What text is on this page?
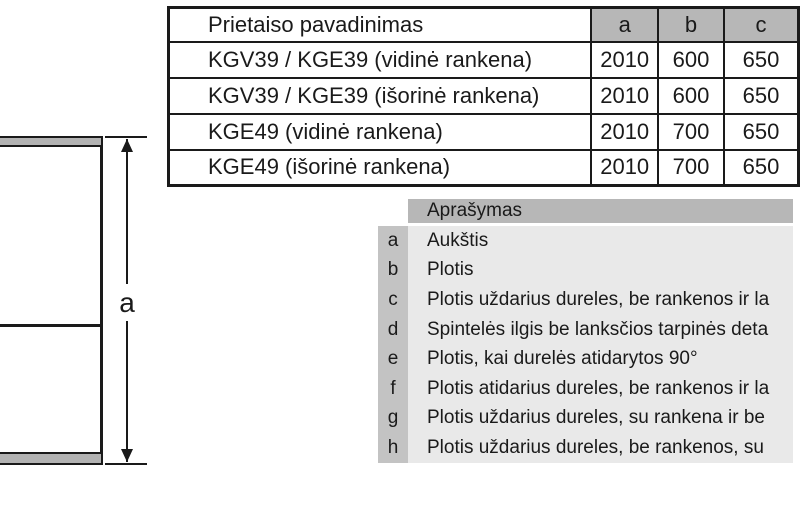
a
Prietaiso pavadinimas	a	b	c
KGV39 / KGE39 (vidinė rankena)	2010	600	650
KGV39 / KGE39 (išorinė rankena)	2010	600	650
KGE49 (vidinė rankena)	2010	700	650
KGE49 (išorinė rankena)	2010	700	650
Aprašymas
a	Aukštis
b	Plotis
c	Plotis uždarius dureles, be rankenos ir la
d	Spintelės ilgis be lanksčios tarpinės deta
e	Plotis, kai durelės atidarytos 90°
f	Plotis atidarius dureles, be rankenos ir la
g	Plotis uždarius dureles, su rankena ir be
h	Plotis uždarius dureles, be rankenos, su
